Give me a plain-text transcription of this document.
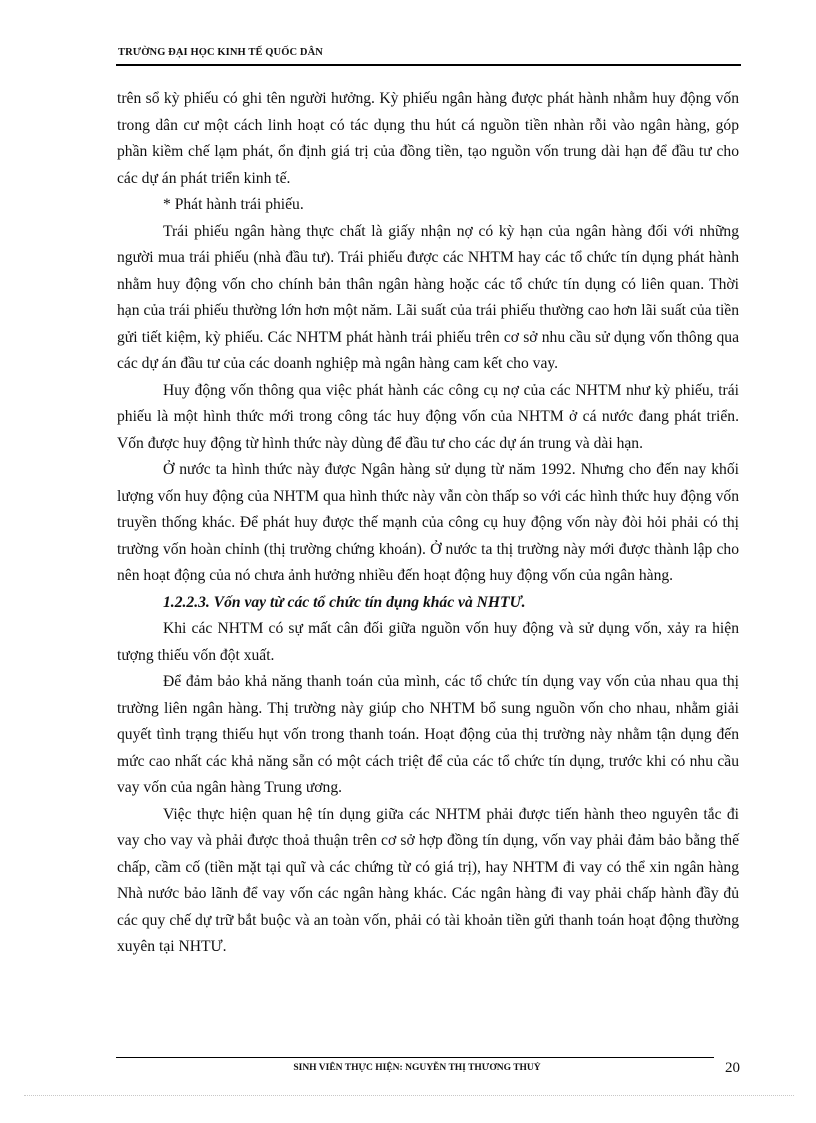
TRƯỜNG ĐẠI HỌC KINH TẾ QUỐC DÂN

trên sổ kỳ phiếu có ghi tên người hưởng. Kỳ phiếu ngân hàng được phát hành nhằm huy động vốn trong dân cư một cách linh hoạt có tác dụng thu hút cá nguồn tiền nhàn rỗi vào ngân hàng, góp phần kiềm chế lạm phát, ổn định giá trị của đồng tiền, tạo nguồn vốn trung dài hạn để đầu tư cho các dự án phát triển kinh tế.

* Phát hành trái phiếu.

Trái phiếu ngân hàng thực chất là giấy nhận nợ có kỳ hạn của ngân hàng đối với những người mua trái phiếu (nhà đầu tư). Trái phiếu được các NHTM hay các tổ chức tín dụng phát hành nhằm huy động vốn cho chính bản thân ngân hàng hoặc các tổ chức tín dụng có liên quan. Thời hạn của trái phiếu thường lớn hơn một năm. Lãi suất của trái phiếu thường cao hơn lãi suất của tiền gửi tiết kiệm, kỳ phiếu. Các NHTM phát hành trái phiếu trên cơ sở nhu cầu sử dụng vốn thông qua các dự án đầu tư của các doanh nghiệp mà ngân hàng cam kết cho vay.

Huy động vốn thông qua việc phát hành các công cụ nợ của các NHTM như kỳ phiếu, trái phiếu là một hình thức mới trong công tác huy động vốn của NHTM ở cá nước đang phát triển. Vốn được huy động từ hình thức này dùng để đầu tư cho các dự án trung và dài hạn.

Ở nước ta hình thức này được Ngân hàng sử dụng từ năm 1992. Nhưng cho đến nay khối lượng vốn huy động của NHTM qua hình thức này vẫn còn thấp so với các hình thức huy động vốn truyền thống khác. Để phát huy được thế mạnh của công cụ huy động vốn này đòi hỏi phải có thị trường vốn hoàn chỉnh (thị trường chứng khoán). Ở nước ta thị trường này mới được thành lập cho nên hoạt động của nó chưa ảnh hưởng nhiều đến hoạt động huy động vốn của ngân hàng.

1.2.2.3. Vốn vay từ các tổ chức tín dụng khác và NHTƯ.

Khi các NHTM có sự mất cân đối giữa nguồn vốn huy động và sử dụng vốn, xảy ra hiện tượng thiếu vốn đột xuất.

Để đảm bảo khả năng thanh toán của mình, các tổ chức tín dụng vay vốn của nhau qua thị trường liên ngân hàng. Thị trường này giúp cho NHTM bổ sung nguồn vốn cho nhau, nhằm giải quyết tình trạng thiếu hụt vốn trong thanh toán. Hoạt động của thị trường này nhằm tận dụng đến mức cao nhất các khả năng sẵn có một cách triệt để của các tổ chức tín dụng, trước khi có nhu cầu vay vốn của ngân hàng Trung ương.

Việc thực hiện quan hệ tín dụng giữa các NHTM phải được tiến hành theo nguyên tắc đi vay cho vay và phải được thoả thuận trên cơ sở hợp đồng tín dụng, vốn vay phải đảm bảo bằng thế chấp, cầm cố (tiền mặt tại quĩ và các chứng từ có giá trị), hay NHTM đi vay có thể xin ngân hàng Nhà nước bảo lãnh để vay vốn các ngân hàng khác. Các ngân hàng đi vay phải chấp hành đầy đủ các quy chế dự trữ bắt buộc và an toàn vốn, phải có tài khoản tiền gửi thanh toán hoạt động thường xuyên tại NHTƯ.

SINH VIÊN THỰC HIỆN: NGUYỄN THỊ THƯƠNG THUỶ	20
